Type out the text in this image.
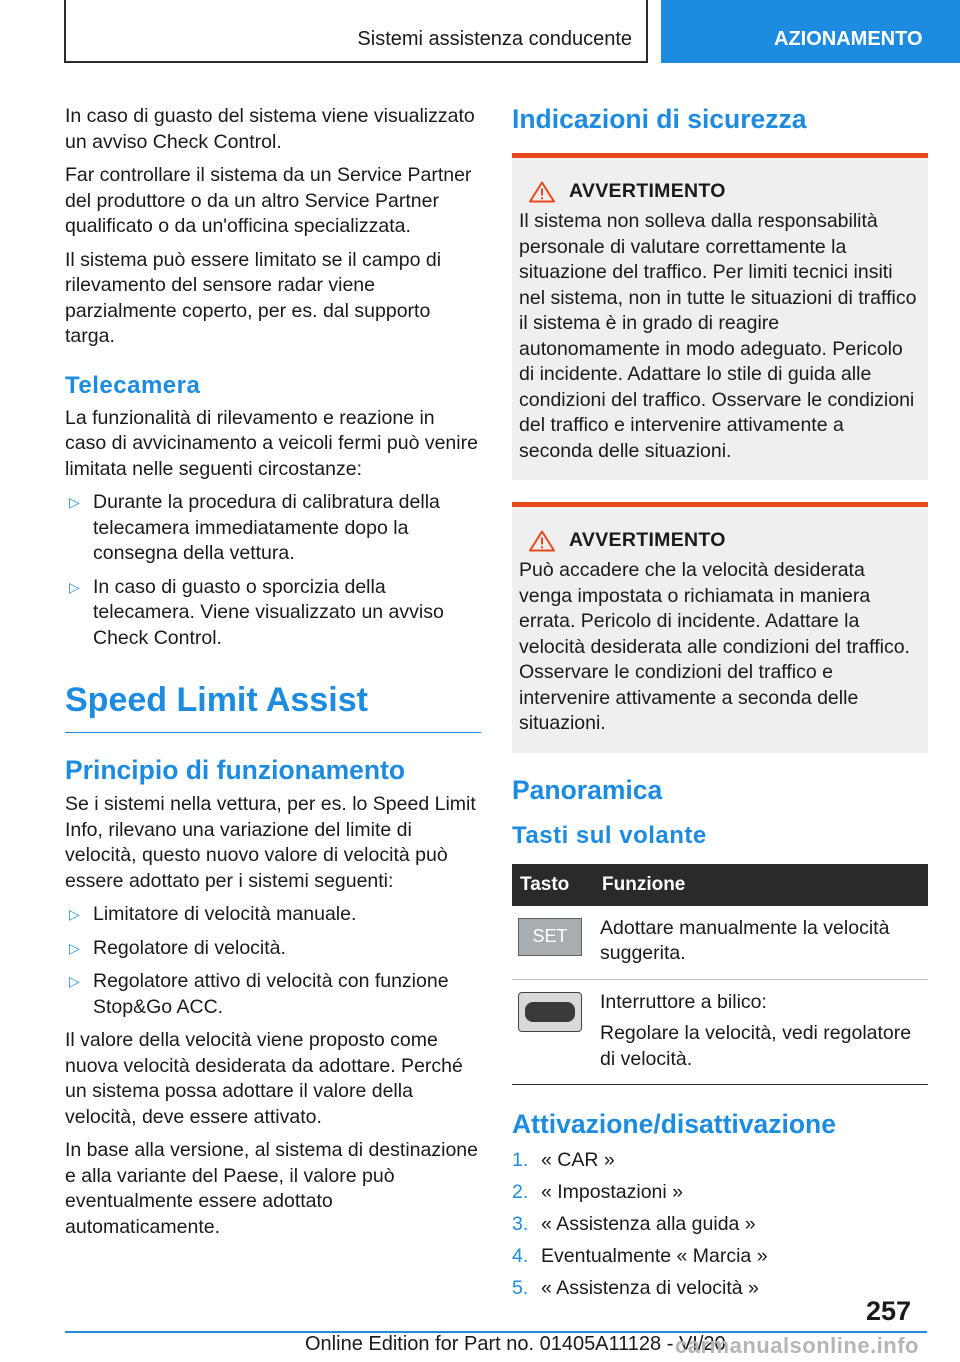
Sistemi assistenza conducente	AZIONAMENTO

In caso di guasto del sistema viene visualizzato un avviso Check Control.

Far controllare il sistema da un Service Partner del produttore o da un altro Service Partner qualificato o da un'officina specializzata.

Il sistema può essere limitato se il campo di rilevamento del sensore radar viene parzialmente coperto, per es. dal supporto targa.

Telecamera

La funzionalità di rilevamento e reazione in caso di avvicinamento a veicoli fermi può venire limitata nelle seguenti circostanze:

▷ Durante la procedura di calibratura della telecamera immediatamente dopo la consegna della vettura.
▷ In caso di guasto o sporcizia della telecamera. Viene visualizzato un avviso Check Control.
Speed Limit Assist
Principio di funzionamento

Se i sistemi nella vettura, per es. lo Speed Limit Info, rilevano una variazione del limite di velocità, questo nuovo valore di velocità può essere adottato per i sistemi seguenti:

▷ Limitatore di velocità manuale.
▷ Regolatore di velocità.
▷ Regolatore attivo di velocità con funzione Stop&Go ACC.

Il valore della velocità viene proposto come nuova velocità desiderata da adottare. Perché un sistema possa adottare il valore della velocità, deve essere attivato.

In base alla versione, al sistema di destinazione e alla variante del Paese, il valore può eventualmente essere adottato automaticamente.

Indicazioni di sicurezza
AVVERTIMENTO

Il sistema non solleva dalla responsabilità personale di valutare correttamente la situazione del traffico. Per limiti tecnici insiti nel sistema, non in tutte le situazioni di traffico il sistema è in grado di reagire autonomamente in modo adeguato. Pericolo di incidente. Adattare lo stile di guida alle condizioni del traffico. Osservare le condizioni del traffico e intervenire attivamente a seconda delle situazioni.

AVVERTIMENTO

Può accadere che la velocità desiderata venga impostata o richiamata in maniera errata. Pericolo di incidente. Adattare la velocità desiderata alle condizioni del traffico. Osservare le condizioni del traffico e intervenire attivamente a seconda delle situazioni.

Panoramica
Tasti sul volante
Tasto	Funzione

SET	Adottare manualmente la velocità suggerita.

	Interruttore a bilico:

Regolare la velocità, vedi regolatore di velocità.

Attivazione/disattivazione
1. « CAR »
2. « Impostazioni »
3. « Assistenza alla guida »
4. Eventualmente « Marcia »
5. « Assistenza di velocità »
257
Online Edition for Part no. 01405A11128 - VI/20
carmanualsonline.info
